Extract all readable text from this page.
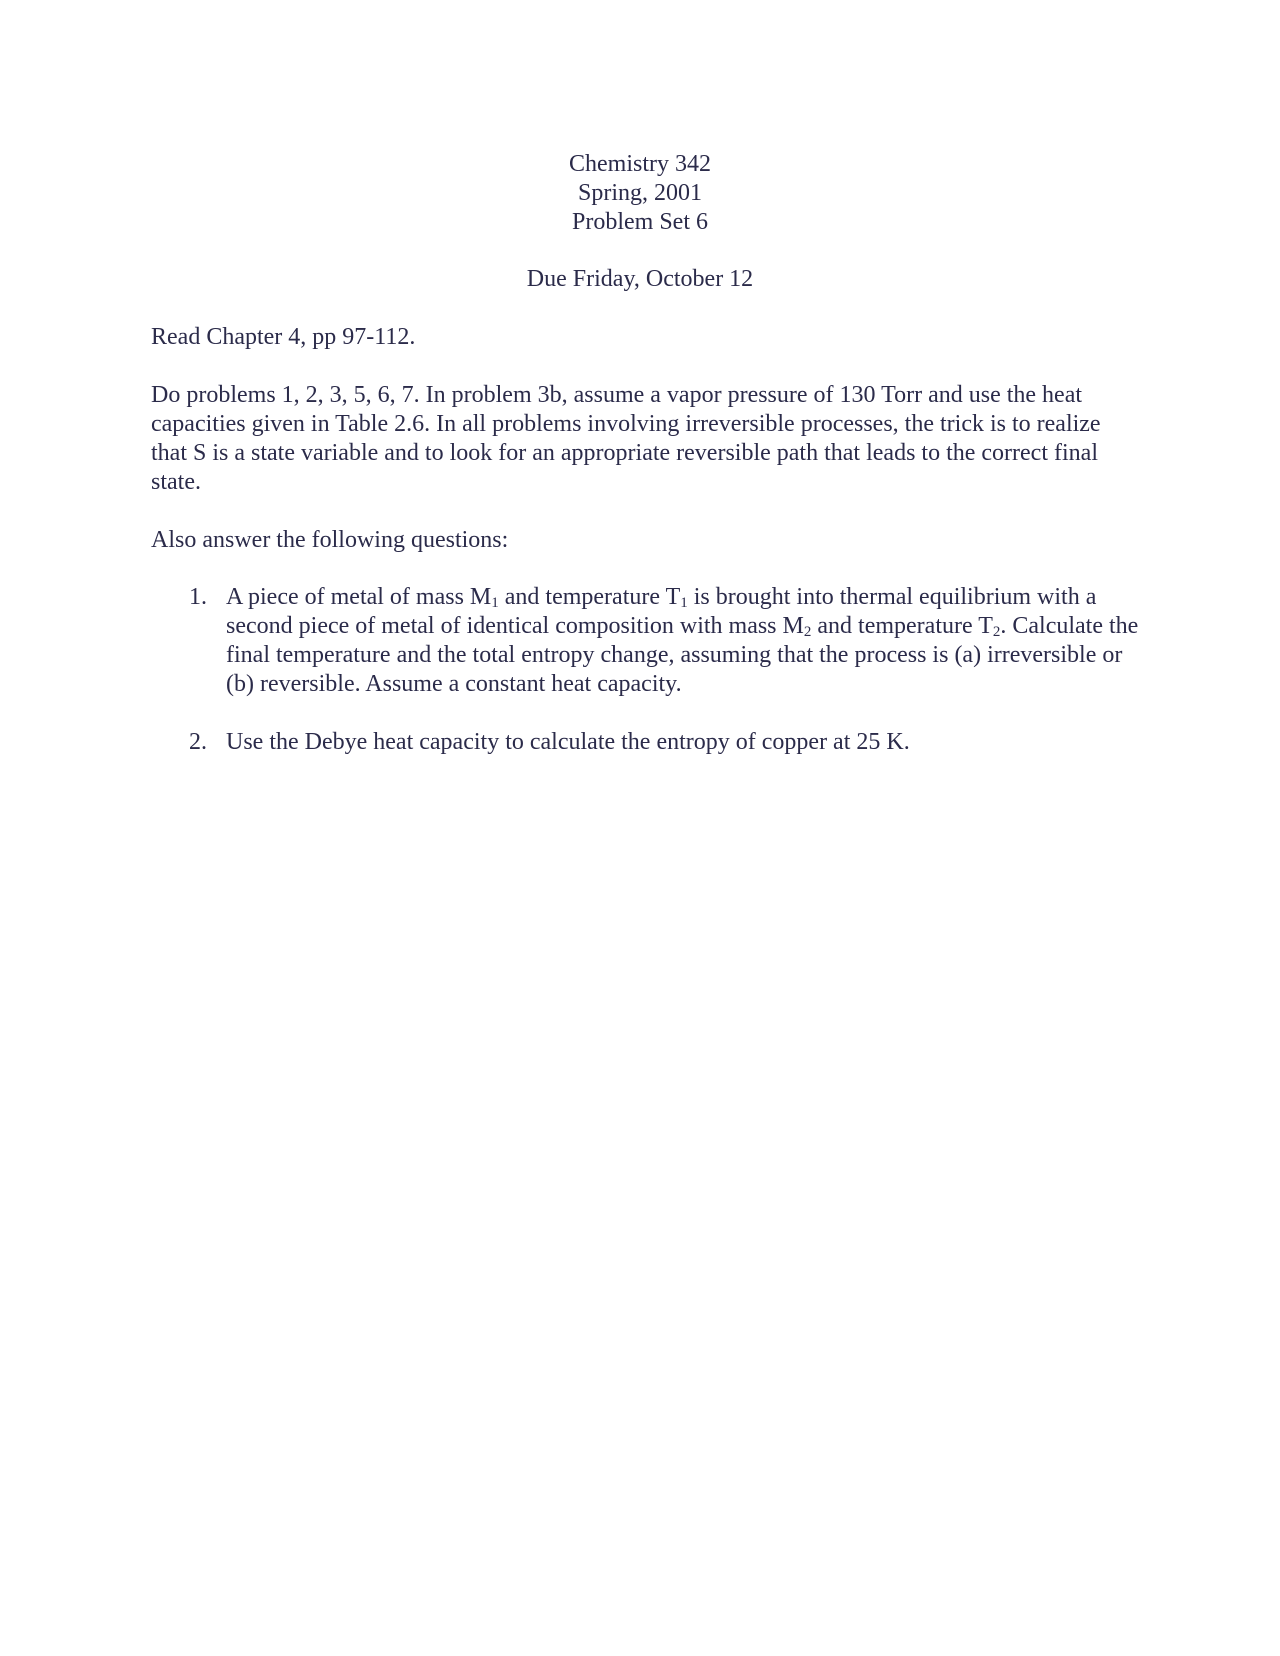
Chemistry 342
Spring, 2001
Problem Set 6
Due Friday, October 12
Read Chapter 4, pp 97-112.
Do problems 1, 2, 3, 5, 6, 7. In problem 3b, assume a vapor pressure of 130 Torr and use the heat capacities given in Table 2.6. In all problems involving irreversible processes, the trick is to realize that S is a state variable and to look for an appropriate reversible path that leads to the correct final state.
Also answer the following questions:
1. A piece of metal of mass $M_1$ and temperature $T_1$ is brought into thermal equilibrium with a second piece of metal of identical composition with mass $M_2$ and temperature $T_2$. Calculate the final temperature and the total entropy change, assuming that the process is (a) irreversible or (b) reversible. Assume a constant heat capacity.
2. Use the Debye heat capacity to calculate the entropy of copper at 25 K.
